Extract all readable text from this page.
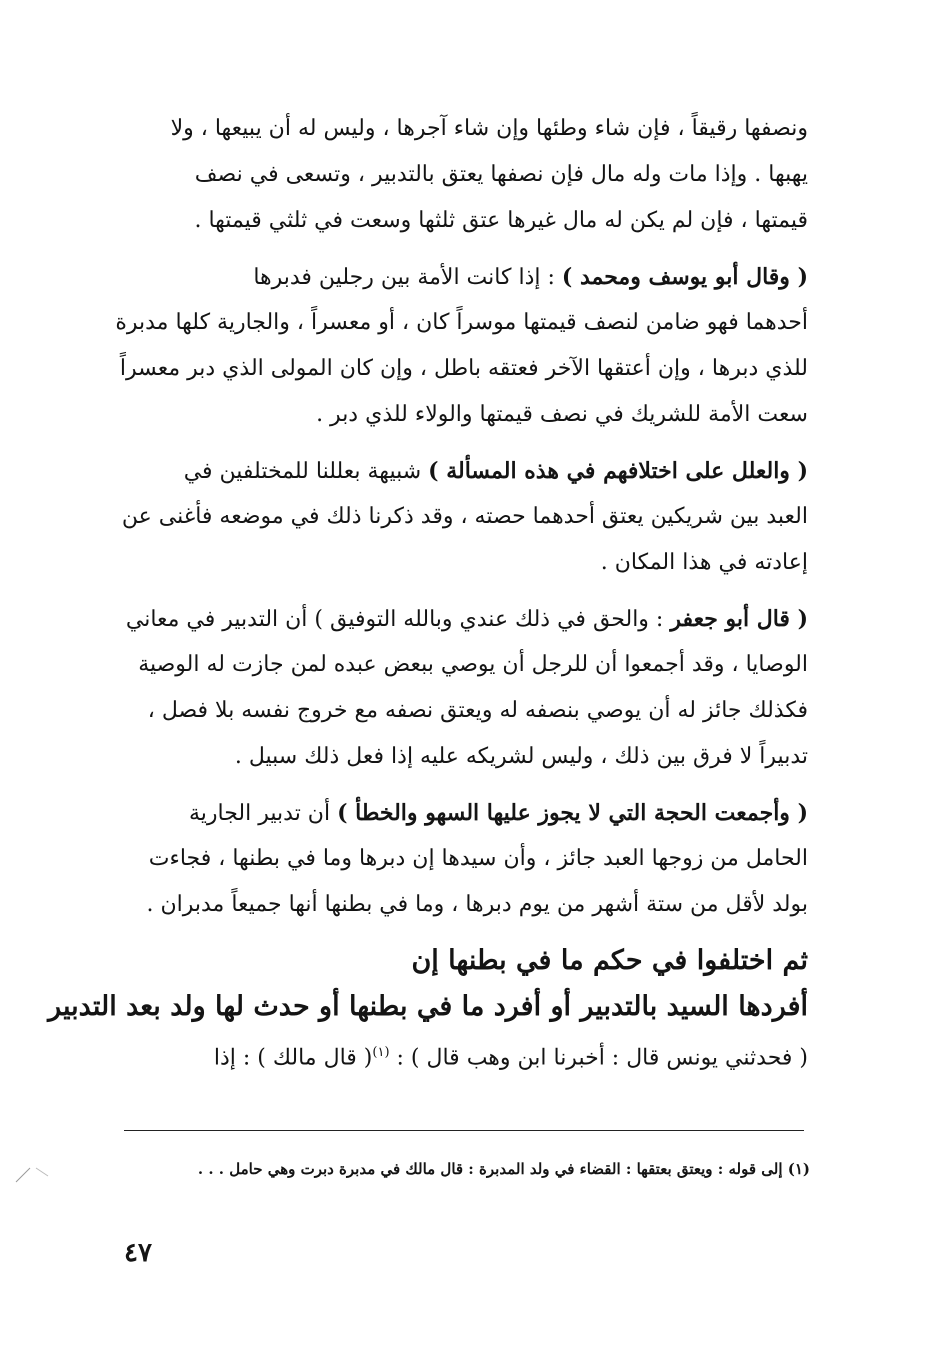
ونصفها رقيقاً ، فإن شاء وطئها وإن شاء آجرها ، وليس له أن يبيعها ، ولا
يهبها . وإذا مات وله مال فإن نصفها يعتق بالتدبير ، وتسعى في نصف
قيمتها ، فإن لم يكن له مال غيرها عتق ثلثها وسعت في ثلثي قيمتها .
( وقال أبو يوسف ومحمد ) : إذا كانت الأمة بين رجلين فدبرها
أحدهما فهو ضامن لنصف قيمتها موسراً كان ، أو معسراً ، والجارية كلها مدبرة
للذي دبرها ، وإن أعتقها الآخر فعتقه باطل ، وإن كان المولى الذي دبر معسراً
سعت الأمة للشريك في نصف قيمتها والولاء للذي دبر .
( والعلل على اختلافهم في هذه المسألة ) شبيهة بعللنا للمختلفين في
العبد بين شريكين يعتق أحدهما حصته ، وقد ذكرنا ذلك في موضعه فأغنى عن
إعادته في هذا المكان .
( قال أبو جعفر : والحق في ذلك عندي وبالله التوفيق ) أن التدبير في معاني
الوصايا ، وقد أجمعوا أن للرجل أن يوصي ببعض عبده لمن جازت له الوصية
فكذلك جائز له أن يوصي بنصفه له ويعتق نصفه مع خروج نفسه بلا فصل ،
تدبيراً لا فرق بين ذلك ، وليس لشريكه عليه إذا فعل ذلك سبيل .
( وأجمعت الحجة التي لا يجوز عليها السهو والخطأ ) أن تدبير الجارية
الحامل من زوجها العبد جائز ، وأن سيدها إن دبرها وما في بطنها ، فجاءت
بولد لأقل من ستة أشهر من يوم دبرها ، وما في بطنها أنها جميعاً مدبران .
ثم اختلفوا في حكم ما في بطنها إن
أفردها السيد بالتدبير أو أفرد ما في بطنها أو حدث لها ولد بعد التدبير
( فحدثني يونس قال : أخبرنا ابن وهب قال ) : $^{(١)}$( قال مالك ) : إذا
(١) إلى قوله : ويعتق بعتقها : القضاء في ولد المدبرة : قال مالك في مدبرة دبرت وهي حامل . . .
٤٧
